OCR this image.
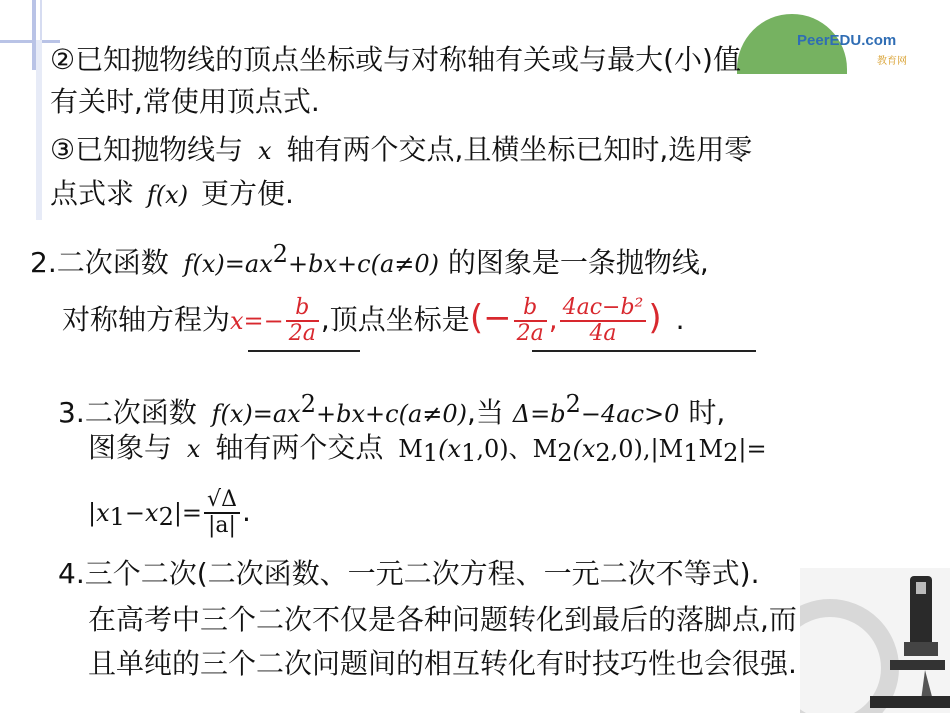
PeerEDU.com
教育网
②已知抛物线的顶点坐标或与对称轴有关或与最大(小)值
有关时,常使用顶点式.
③已知抛物线与 x 轴有两个交点,且横坐标已知时,选用零
点式求 f(x) 更方便.
2.二次函数 $f(x)=ax^2+bx+c(a\ne 0)$ 的图象是一条抛物线,
对称轴方程为$x=- \frac{b}{2a}$ ,顶点坐标是(− $\frac{b}{2a}$ , $\frac{\text{4ac−b²}}{4a}$ ) .
3.二次函数 $f(x)=ax^2+bx+c(a\ne 0)$,当 $\Delta=b^2-4ac>0$ 时,
图象与 x 轴有两个交点 $M_1(x_1,0)$、$M_2(x_2,0),|M_1M_2|=$
$|x_1-x_2|= \frac{√\Delta}{|a|}$ .
4.三个二次(二次函数、一元二次方程、一元二次不等式).
在高考中三个二次不仅是各种问题转化到最后的落脚点,而
且单纯的三个二次问题间的相互转化有时技巧性也会很强.
